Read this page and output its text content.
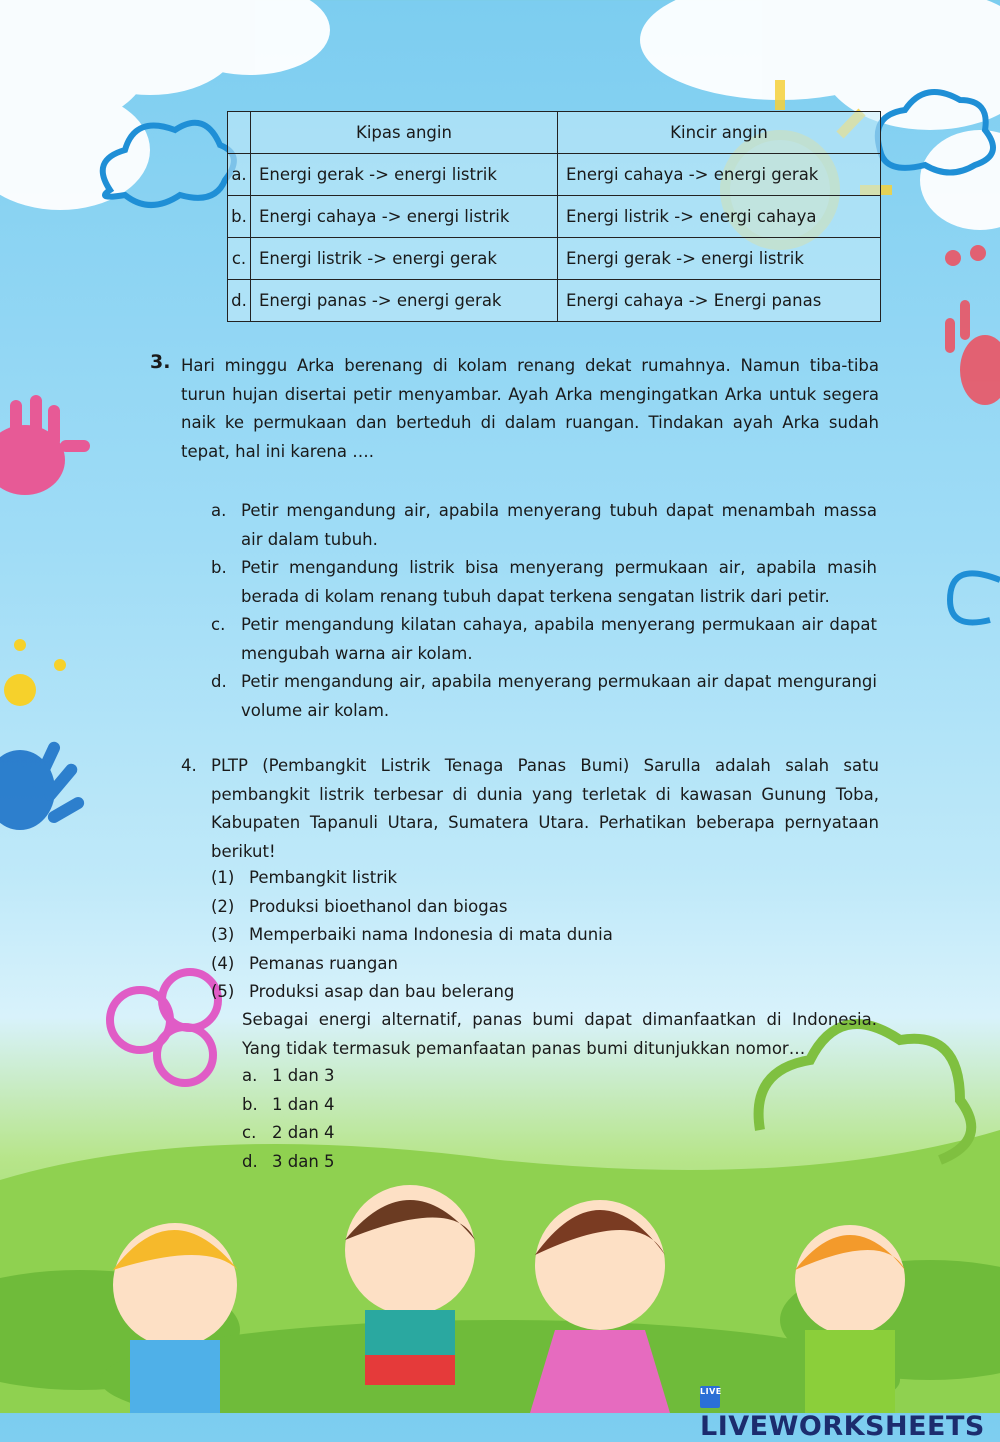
	Kipas angin	Kincir angin
a.	Energi gerak -> energi listrik	Energi cahaya -> energi gerak
b.	Energi cahaya -> energi listrik	Energi listrik -> energi cahaya
c.	Energi listrik -> energi gerak	Energi gerak -> energi listrik
d.	Energi panas -> energi gerak	Energi cahaya -> Energi panas
3. Hari minggu Arka berenang di kolam renang dekat rumahnya. Namun tiba-tiba turun hujan disertai petir menyambar. Ayah Arka mengingatkan Arka untuk segera naik ke permukaan dan berteduh di dalam ruangan. Tindakan ayah Arka sudah tepat, hal ini karena ….
a. Petir mengandung air, apabila menyerang tubuh dapat menambah massa air dalam tubuh.
b. Petir mengandung listrik bisa menyerang permukaan air, apabila masih berada di kolam renang tubuh dapat terkena sengatan listrik dari petir.
c. Petir mengandung kilatan cahaya, apabila menyerang permukaan air dapat mengubah warna air kolam.
d. Petir mengandung air, apabila menyerang permukaan air dapat mengurangi volume air kolam.
4. PLTP (Pembangkit Listrik Tenaga Panas Bumi) Sarulla adalah salah satu pembangkit listrik terbesar di dunia yang terletak di kawasan Gunung Toba, Kabupaten Tapanuli Utara, Sumatera Utara. Perhatikan beberapa pernyataan berikut!
(1) Pembangkit listrik
(2) Produksi bioethanol dan biogas
(3) Memperbaiki nama Indonesia di mata dunia
(4) Pemanas ruangan
(5) Produksi asap dan bau belerang
Sebagai energi alternatif, panas bumi dapat dimanfaatkan di Indonesia. Yang tidak termasuk pemanfaatan panas bumi ditunjukkan nomor…
a. 1 dan 3
b. 1 dan 4
c. 2 dan 4
d. 3 dan 5
LIVELIVEWORKSHEETS
